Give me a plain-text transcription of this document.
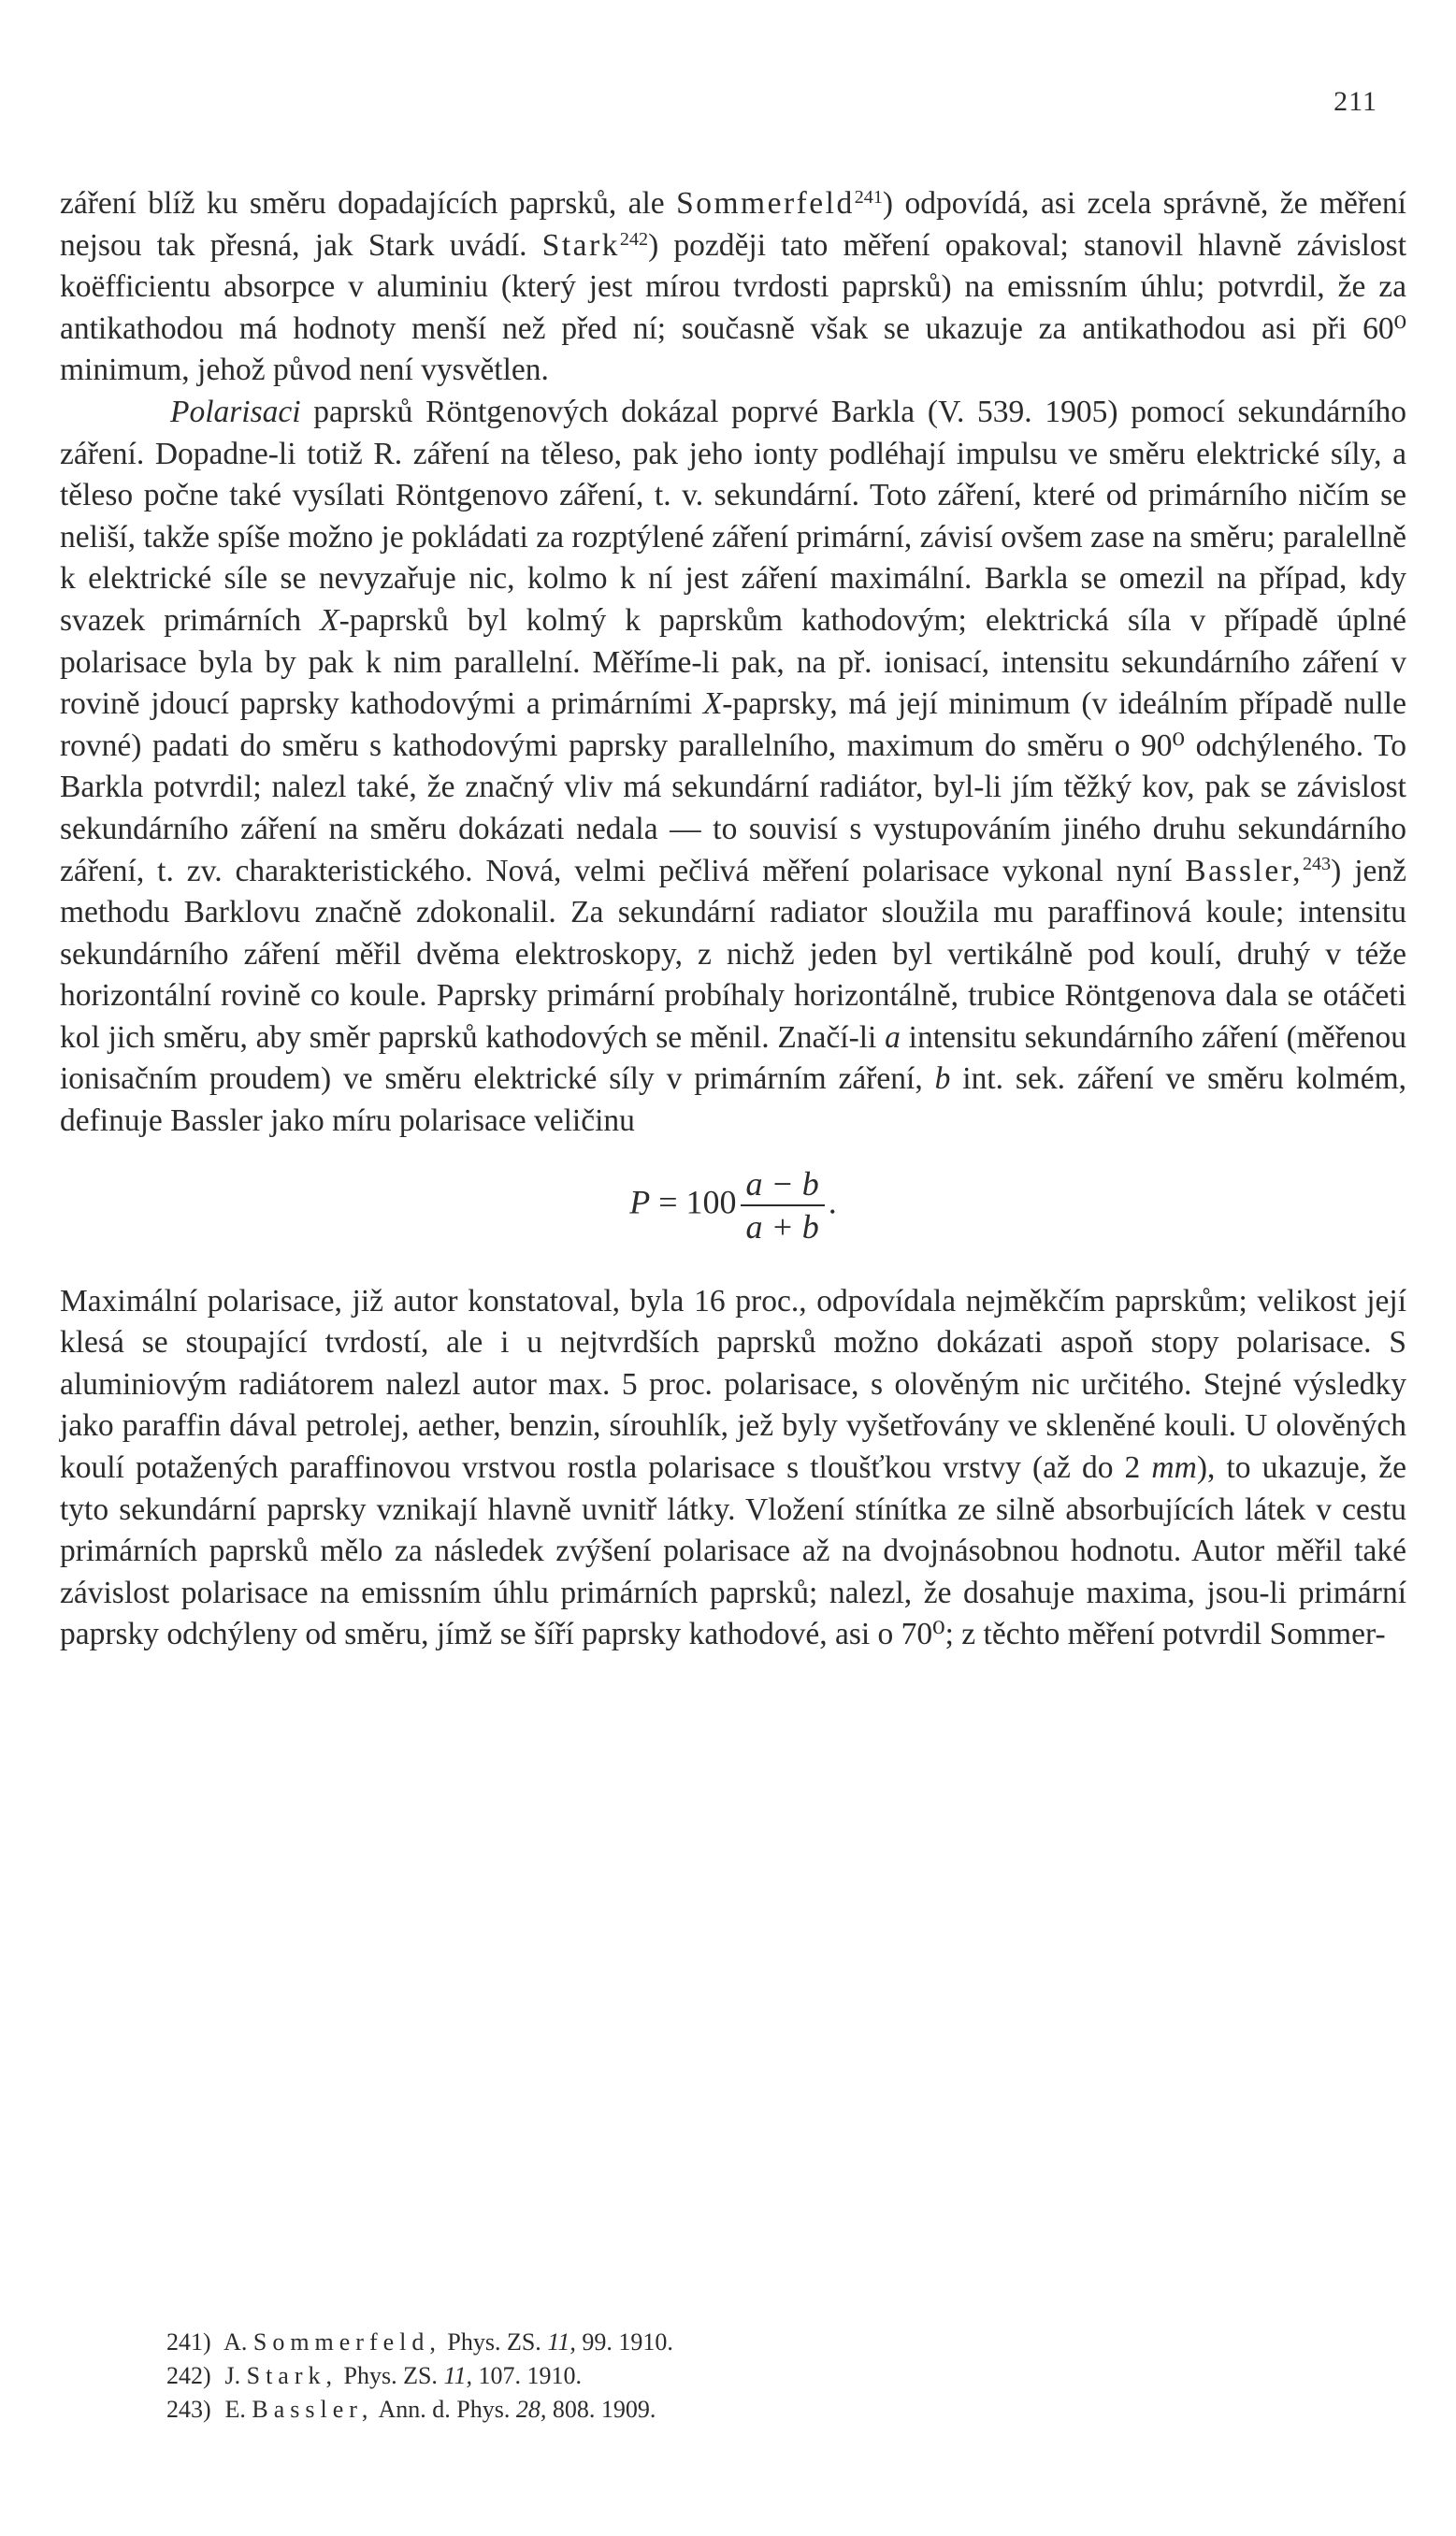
211

záření blíž ku směru dopadajících paprsků, ale Sommerfeld$^{241}$) odpovídá, asi zcela správně, že měření nejsou tak přesná, jak Stark uvádí. Stark$^{242}$) později tato měření opakoval; stanovil hlavně závislost koëfficientu absorpce v aluminiu (který jest mírou tvrdosti paprsků) na emissním úhlu; potvrdil, že za antikathodou má hodnoty menší než před ní; současně však se ukazuje za antikathodou asi při 60⁰ minimum, jehož původ není vysvětlen.

Polarisaci paprsků Röntgenových dokázal poprvé Barkla (V. 539. 1905) pomocí sekundárního záření. Dopadne-li totiž R. záření na těleso, pak jeho ionty podléhají impulsu ve směru elektrické síly, a těleso počne také vysílati Röntgenovo záření, t. v. sekundární. Toto záření, které od primárního ničím se neliší, takže spíše možno je pokládati za rozptýlené záření primární, závisí ovšem zase na směru; paralellně k elektrické síle se nevyzařuje nic, kolmo k ní jest záření maximální. Barkla se omezil na případ, kdy svazek primárních X-paprsků byl kolmý k paprskům kathodovým; elektrická síla v případě úplné polarisace byla by pak k nim parallelní. Měříme-li pak, na př. ionisací, intensitu sekundárního záření v rovině jdoucí paprsky kathodovými a primárními X-paprsky, má její minimum (v ideálním případě nulle rovné) padati do směru s kathodovými paprsky parallelního, maximum do směru o 90⁰ odchýleného. To Barkla potvrdil; nalezl také, že značný vliv má sekundární radiátor, byl-li jím těžký kov, pak se závislost sekundárního záření na směru dokázati nedala — to souvisí s vystupováním jiného druhu sekundárního záření, t. zv. charakteristického. Nová, velmi pečlivá měření polarisace vykonal nyní Bassler,$^{243}$) jenž methodu Barklovu značně zdokonalil. Za sekundární radiator sloužila mu paraffinová koule; intensitu sekundárního záření měřil dvěma elektroskopy, z nichž jeden byl vertikálně pod koulí, druhý v téže horizontální rovině co koule. Paprsky primární probíhaly horizontálně, trubice Röntgenova dala se otáčeti kol jich směru, aby směr paprsků kathodových se měnil. Značí-li a intensitu sekundárního záření (měřenou ionisačním proudem) ve směru elektrické síly v primárním záření, b int. sek. záření ve směru kolmém, definuje Bassler jako míru polarisace veličinu

$P = 100 \frac{a - b}{a + b}$ .

Maximální polarisace, již autor konstatoval, byla 16 proc., odpovídala nejměkčím paprskům; velikost její klesá se stoupající tvrdostí, ale i u nejtvrdších paprsků možno dokázati aspoň stopy polarisace. S aluminiovým radiátorem nalezl autor max. 5 proc. polarisace, s olověným nic určitého. Stejné výsledky jako paraffin dával petrolej, aether, benzin, sírouhlík, jež byly vyšetřovány ve skleněné kouli. U olověných koulí potažených paraffinovou vrstvou rostla polarisace s tloušťkou vrstvy (až do 2 mm), to ukazuje, že tyto sekundární paprsky vznikají hlavně uvnitř látky. Vložení stínítka ze silně absorbujících látek v cestu primárních paprsků mělo za následek zvýšení polarisace až na dvojnásobnou hodnotu. Autor měřil také závislost polarisace na emissním úhlu primárních paprsků; nalezl, že dosahuje maxima, jsou-li primární paprsky odchýleny od směru, jímž se šíří paprsky kathodové, asi o 70⁰; z těchto měření potvrdil Sommer-

241) A. Sommerfeld, Phys. ZS. 11, 99. 1910.
242) J. Stark, Phys. ZS. 11, 107. 1910.
243) E. Bassler, Ann. d. Phys. 28, 808. 1909.
